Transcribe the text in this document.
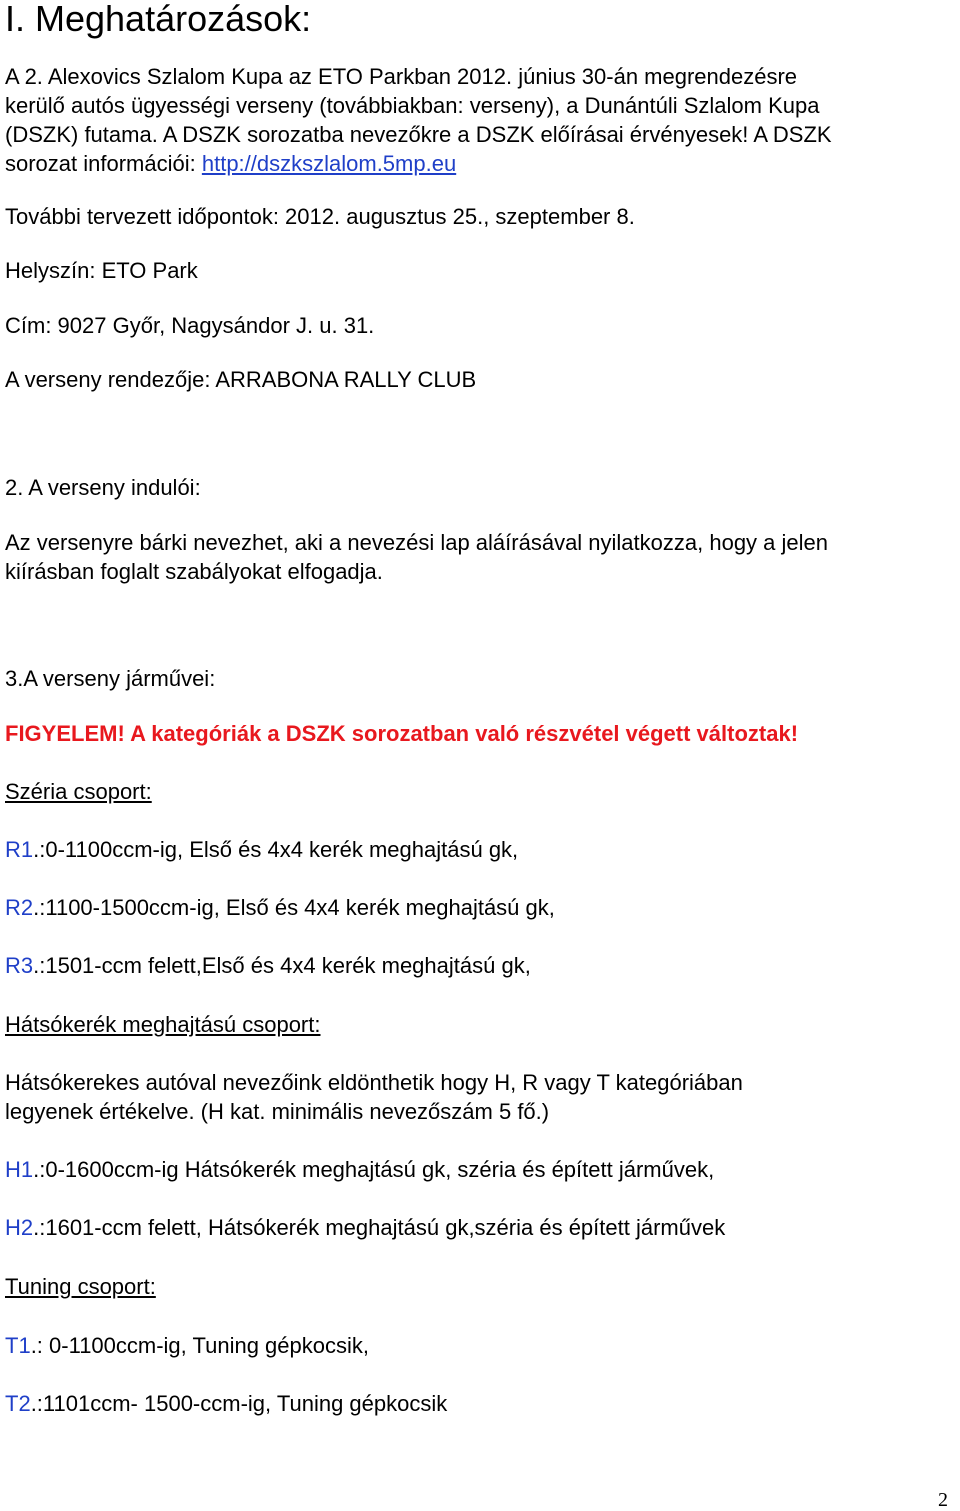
I. Meghatározások:
A 2. Alexovics Szlalom Kupa az ETO Parkban 2012. június 30-án megrendezésre
kerülő autós ügyességi verseny (továbbiakban: verseny), a Dunántúli Szlalom Kupa
(DSZK) futama. A DSZK sorozatba nevezőkre a DSZK előírásai érvényesek! A DSZK
sorozat információi: http://dszkszlalom.5mp.eu
További tervezett időpontok: 2012. augusztus 25., szeptember 8.
Helyszín: ETO Park
Cím: 9027 Győr, Nagysándor J. u. 31.
A verseny rendezője: ARRABONA RALLY CLUB
2. A verseny indulói:
Az versenyre bárki nevezhet, aki a nevezési lap aláírásával nyilatkozza, hogy a jelen
kiírásban foglalt szabályokat elfogadja.
3.A verseny járművei:
FIGYELEM! A kategóriák a DSZK sorozatban való részvétel végett változtak!
Széria csoport:
R1.:0-1100ccm-ig, Első és 4x4 kerék meghajtású gk,
R2.:1100-1500ccm-ig, Első és 4x4 kerék meghajtású gk,
R3.:1501-ccm felett,Első és 4x4 kerék meghajtású gk,
Hátsókerék meghajtású csoport:
Hátsókerekes autóval nevezőink eldönthetik hogy H, R vagy T kategóriában
legyenek értékelve. (H kat. minimális nevezőszám 5 fő.)
H1.:0-1600ccm-ig Hátsókerék meghajtású gk, széria és épített járművek,
H2.:1601-ccm felett, Hátsókerék meghajtású gk,széria és épített járművek
Tuning csoport:
T1.: 0-1100ccm-ig, Tuning gépkocsik,
T2.:1101ccm- 1500-ccm-ig, Tuning gépkocsik
2
